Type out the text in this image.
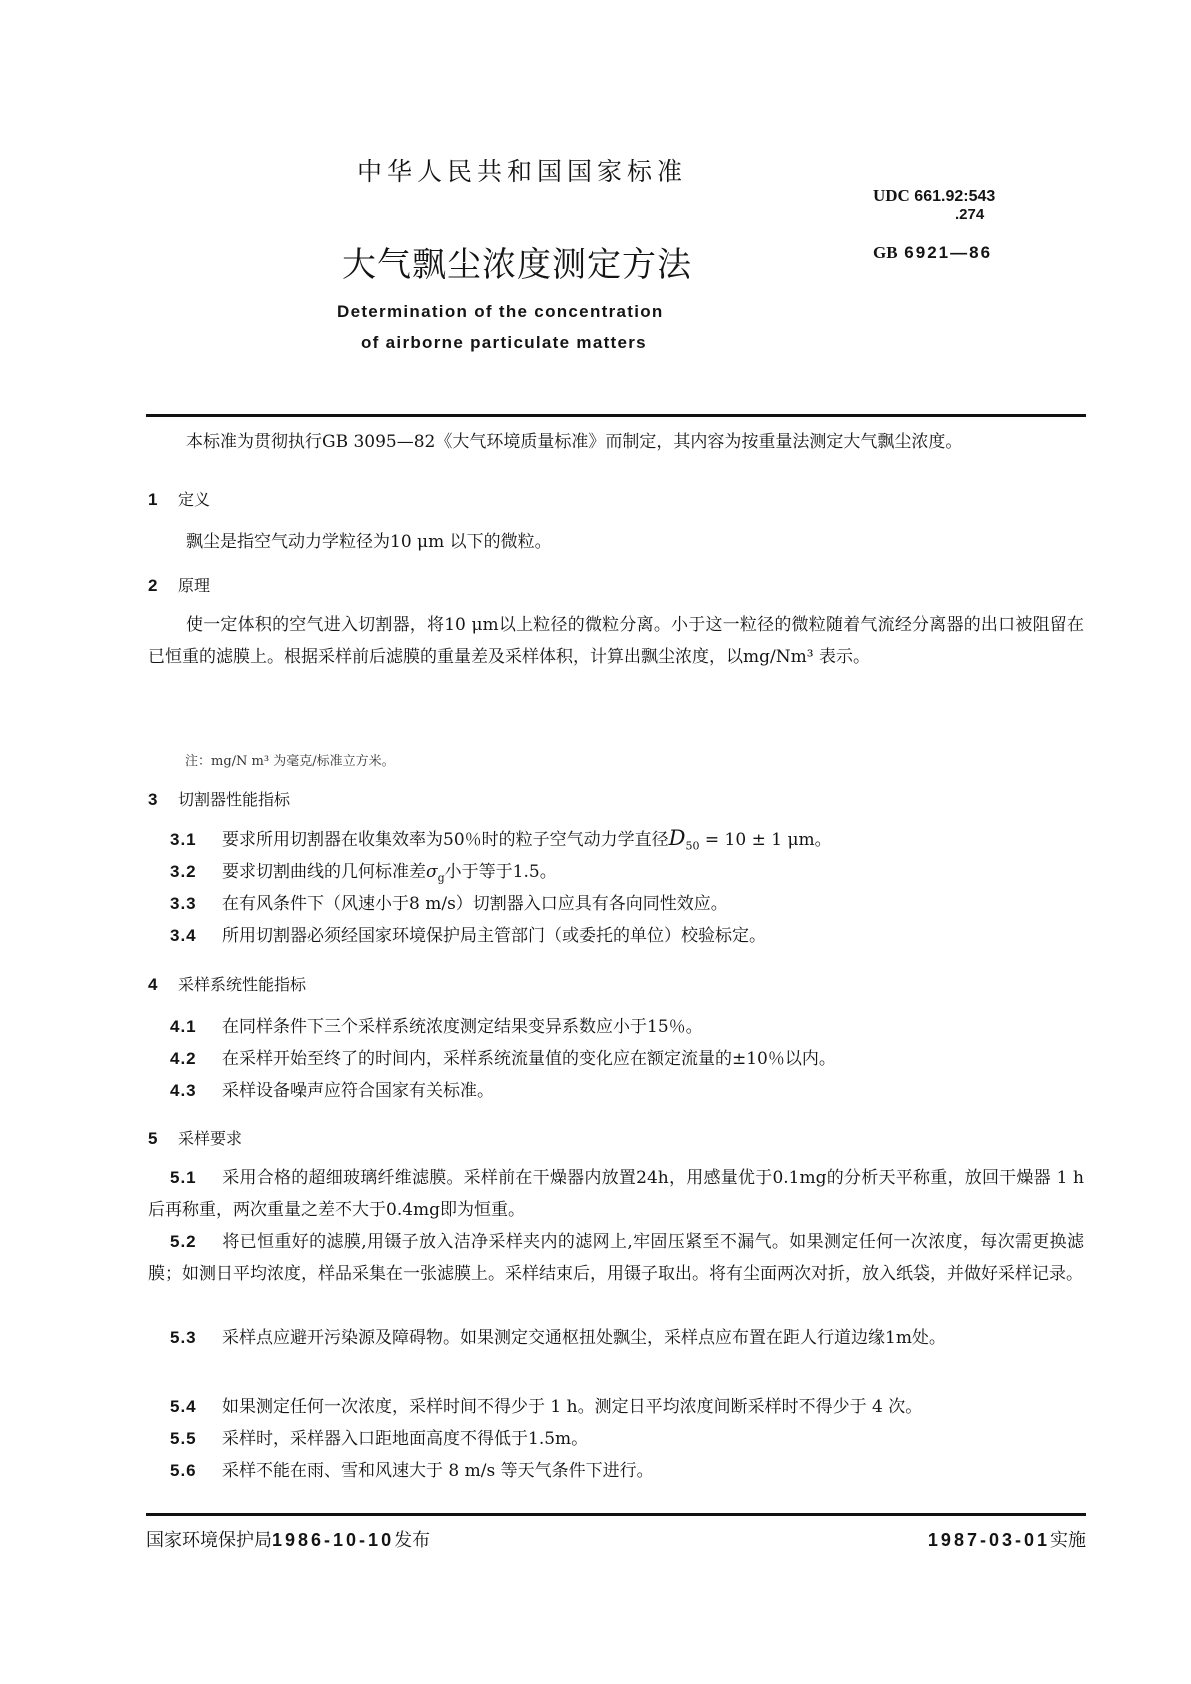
中华人民共和国国家标准
UDC 661.92:543
.274
大气飘尘浓度测定方法	GB 6921—86
Determination of the concentration
of airborne particulate matters
本标准为贯彻执行GB 3095—82《大气环境质量标准》而制定，其内容为按重量法测定大气飘尘浓度。
1 定义
飘尘是指空气动力学粒径为10 μm 以下的微粒。
2 原理
使一定体积的空气进入切割器，将10 μm以上粒径的微粒分离。小于这一粒径的微粒随着气流经分离器的出口被阻留在已恒重的滤膜上。根据采样前后滤膜的重量差及采样体积，计算出飘尘浓度，以mg/Nm³ 表示。
注：mg/N m³ 为毫克/标准立方米。
3 切割器性能指标
3.1 要求所用切割器在收集效率为50％时的粒子空气动力学直径$D_{50} = 10 \pm 1$ μm。
3.2 要求切割曲线的几何标准差$\sigma_g$小于等于1.5。
3.3 在有风条件下（风速小于8 m/s）切割器入口应具有各向同性效应。
3.4 所用切割器必须经国家环境保护局主管部门（或委托的单位）校验标定。
4 采样系统性能指标
4.1 在同样条件下三个采样系统浓度测定结果变异系数应小于15％。
4.2 在采样开始至终了的时间内，采样系统流量值的变化应在额定流量的±10％以内。
4.3 采样设备噪声应符合国家有关标准。
5 采样要求
5.1 采用合格的超细玻璃纤维滤膜。采样前在干燥器内放置24h，用感量优于0.1mg的分析天平称重，放回干燥器 1 h后再称重，两次重量之差不大于0.4mg即为恒重。
5.2 将已恒重好的滤膜,用镊子放入洁净采样夹内的滤网上,牢固压紧至不漏气。如果测定任何一次浓度，每次需更换滤膜；如测日平均浓度，样品采集在一张滤膜上。采样结束后，用镊子取出。将有尘面两次对折，放入纸袋，并做好采样记录。
5.3 采样点应避开污染源及障碍物。如果测定交通枢扭处飘尘，采样点应布置在距人行道边缘1m处。
5.4 如果测定任何一次浓度，采样时间不得少于 1 h。测定日平均浓度间断采样时不得少于 4 次。
5.5 采样时，采样器入口距地面高度不得低于1.5m。
5.6 采样不能在雨、雪和风速大于 8 m/s 等天气条件下进行。
国家环境保护局1986-10-10发布	1987-03-01实施
